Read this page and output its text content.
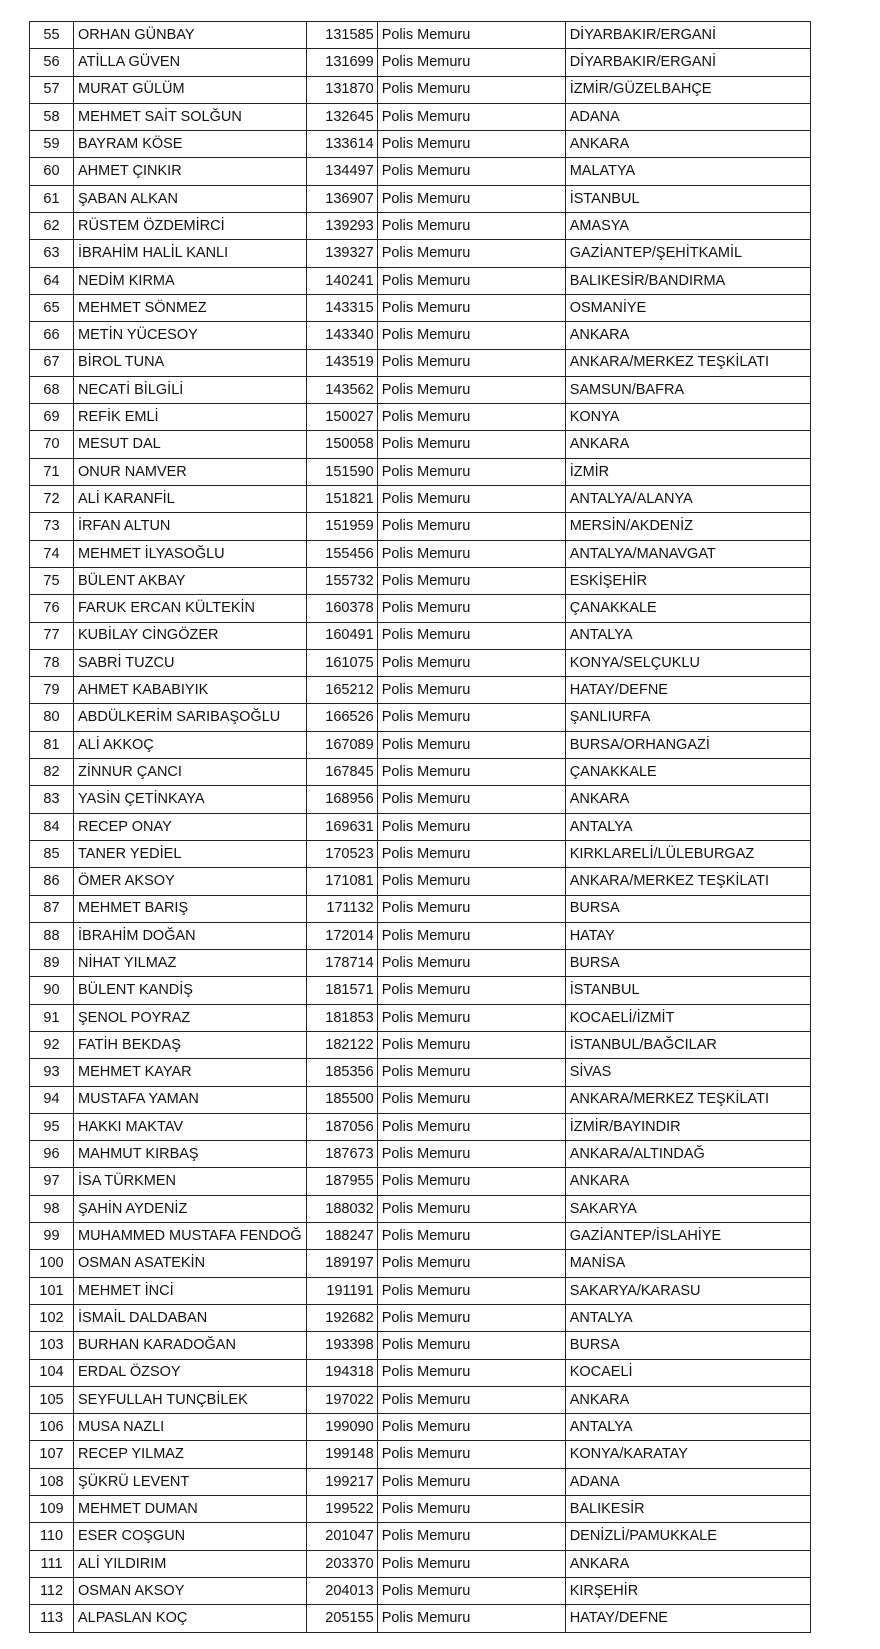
55	ORHAN GÜNBAY	131585	Polis Memuru	DİYARBAKIR/ERGANİ
56	ATİLLA GÜVEN	131699	Polis Memuru	DİYARBAKIR/ERGANİ
57	MURAT GÜLÜM	131870	Polis Memuru	İZMİR/GÜZELBAHÇE
58	MEHMET SAİT SOLĞUN	132645	Polis Memuru	ADANA
59	BAYRAM KÖSE	133614	Polis Memuru	ANKARA
60	AHMET ÇINKIR	134497	Polis Memuru	MALATYA
61	ŞABAN ALKAN	136907	Polis Memuru	İSTANBUL
62	RÜSTEM ÖZDEMİRCİ	139293	Polis Memuru	AMASYA
63	İBRAHİM HALİL KANLI	139327	Polis Memuru	GAZİANTEP/ŞEHİTKAMİL
64	NEDİM KIRMA	140241	Polis Memuru	BALIKESİR/BANDIRMA
65	MEHMET SÖNMEZ	143315	Polis Memuru	OSMANİYE
66	METİN YÜCESOY	143340	Polis Memuru	ANKARA
67	BİROL TUNA	143519	Polis Memuru	ANKARA/MERKEZ TEŞKİLATI
68	NECATİ BİLGİLİ	143562	Polis Memuru	SAMSUN/BAFRA
69	REFİK EMLİ	150027	Polis Memuru	KONYA
70	MESUT DAL	150058	Polis Memuru	ANKARA
71	ONUR NAMVER	151590	Polis Memuru	İZMİR
72	ALİ KARANFİL	151821	Polis Memuru	ANTALYA/ALANYA
73	İRFAN ALTUN	151959	Polis Memuru	MERSİN/AKDENİZ
74	MEHMET İLYASOĞLU	155456	Polis Memuru	ANTALYA/MANAVGAT
75	BÜLENT AKBAY	155732	Polis Memuru	ESKİŞEHİR
76	FARUK ERCAN KÜLTEKİN	160378	Polis Memuru	ÇANAKKALE
77	KUBİLAY CİNGÖZER	160491	Polis Memuru	ANTALYA
78	SABRİ TUZCU	161075	Polis Memuru	KONYA/SELÇUKLU
79	AHMET KABABIYIK	165212	Polis Memuru	HATAY/DEFNE
80	ABDÜLKERİM SARIBAŞOĞLU	166526	Polis Memuru	ŞANLIURFA
81	ALİ AKKOÇ	167089	Polis Memuru	BURSA/ORHANGAZİ
82	ZİNNUR ÇANCI	167845	Polis Memuru	ÇANAKKALE
83	YASİN ÇETİNKAYA	168956	Polis Memuru	ANKARA
84	RECEP ONAY	169631	Polis Memuru	ANTALYA
85	TANER YEDİEL	170523	Polis Memuru	KIRKLARELİ/LÜLEBURGAZ
86	ÖMER AKSOY	171081	Polis Memuru	ANKARA/MERKEZ TEŞKİLATI
87	MEHMET BARIŞ	171132	Polis Memuru	BURSA
88	İBRAHİM DOĞAN	172014	Polis Memuru	HATAY
89	NİHAT YILMAZ	178714	Polis Memuru	BURSA
90	BÜLENT KANDİŞ	181571	Polis Memuru	İSTANBUL
91	ŞENOL POYRAZ	181853	Polis Memuru	KOCAELİ/İZMİT
92	FATİH BEKDAŞ	182122	Polis Memuru	İSTANBUL/BAĞCILAR
93	MEHMET KAYAR	185356	Polis Memuru	SİVAS
94	MUSTAFA YAMAN	185500	Polis Memuru	ANKARA/MERKEZ TEŞKİLATI
95	HAKKI MAKTAV	187056	Polis Memuru	İZMİR/BAYINDIR
96	MAHMUT KIRBAŞ	187673	Polis Memuru	ANKARA/ALTINDAĞ
97	İSA TÜRKMEN	187955	Polis Memuru	ANKARA
98	ŞAHİN AYDENİZ	188032	Polis Memuru	SAKARYA
99	MUHAMMED MUSTAFA FENDOĞ	188247	Polis Memuru	GAZİANTEP/İSLAHİYE
100	OSMAN ASATEKİN	189197	Polis Memuru	MANİSA
101	MEHMET İNCİ	191191	Polis Memuru	SAKARYA/KARASU
102	İSMAİL DALDABAN	192682	Polis Memuru	ANTALYA
103	BURHAN KARADOĞAN	193398	Polis Memuru	BURSA
104	ERDAL ÖZSOY	194318	Polis Memuru	KOCAELİ
105	SEYFULLAH TUNÇBİLEK	197022	Polis Memuru	ANKARA
106	MUSA NAZLI	199090	Polis Memuru	ANTALYA
107	RECEP YILMAZ	199148	Polis Memuru	KONYA/KARATAY
108	ŞÜKRÜ LEVENT	199217	Polis Memuru	ADANA
109	MEHMET DUMAN	199522	Polis Memuru	BALIKESİR
110	ESER COŞGUN	201047	Polis Memuru	DENİZLİ/PAMUKKALE
111	ALİ YILDIRIM	203370	Polis Memuru	ANKARA
112	OSMAN AKSOY	204013	Polis Memuru	KIRŞEHİR
113	ALPASLAN KOÇ	205155	Polis Memuru	HATAY/DEFNE
